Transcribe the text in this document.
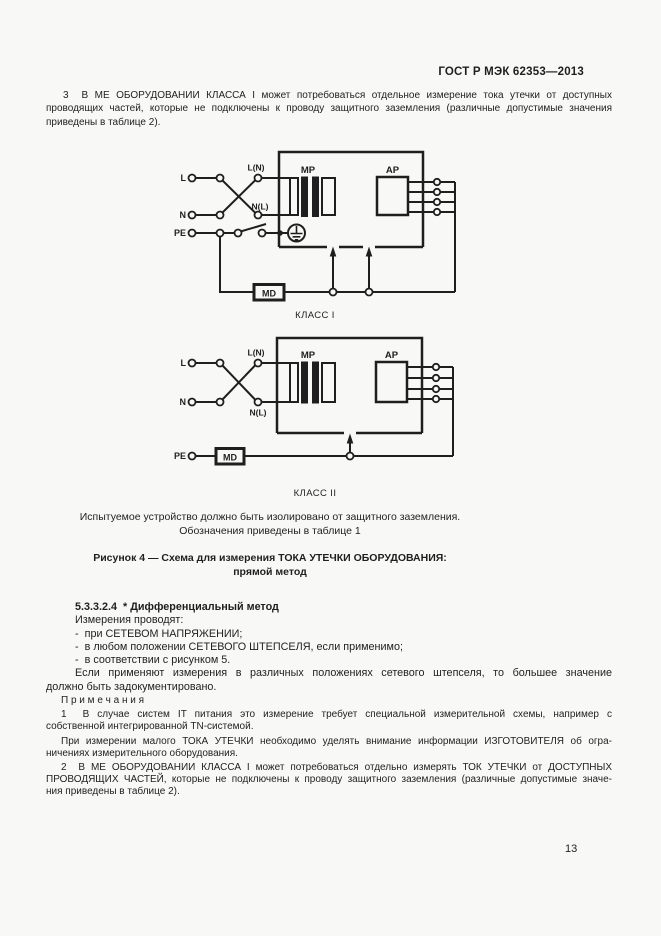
ГОСТ Р МЭК 62353—2013
3  В МЕ ОБОРУДОВАНИИ КЛАССА I может потребоваться отдельное измерение тока утечки от доступных
проводящих частей, которые не подключены к проводу защитного заземления (различные допустимые значения
приведены в таблице 2).
МР	АР
MD
L
N
PE
L(N)
N(L)
КЛАСС I
МР	АР
MD
L
N
PE
L(N)
N(L)
КЛАСС II
Испытуемое устройство должно быть изолировано от защитного заземления.
Обозначения приведены в таблице 1
Рисунок 4 — Схема для измерения ТОКА УТЕЧКИ ОБОРУДОВАНИЯ:
прямой метод
5.3.3.2.4  * Дифференциальный метод
Измерения проводят:
-  при СЕТЕВОМ НАПРЯЖЕНИИ;
-  в любом положении СЕТЕВОГО ШТЕПСЕЛЯ, если применимо;
-  в соответствии с рисунком 5.
Если применяют измерения в различных положениях сетевого штепселя, то большее значение
должно быть задокументировано.
П р и м е ч а н и я
1  В случае систем IT питания это измерение требует специальной измерительной схемы, например с
собственной интегрированной TN-системой.
При измерении малого ТОКА УТЕЧКИ необходимо уделять внимание информации ИЗГОТОВИТЕЛЯ об огра-
ничениях измерительного оборудования.
2  В МЕ ОБОРУДОВАНИИ КЛАССА I может потребоваться отдельно измерять ТОК УТЕЧКИ от ДОСТУПНЫХ
ПРОВОДЯЩИХ ЧАСТЕЙ, которые не подключены к проводу защитного заземления (различные допустимые значе-
ния приведены в таблице 2).
13
